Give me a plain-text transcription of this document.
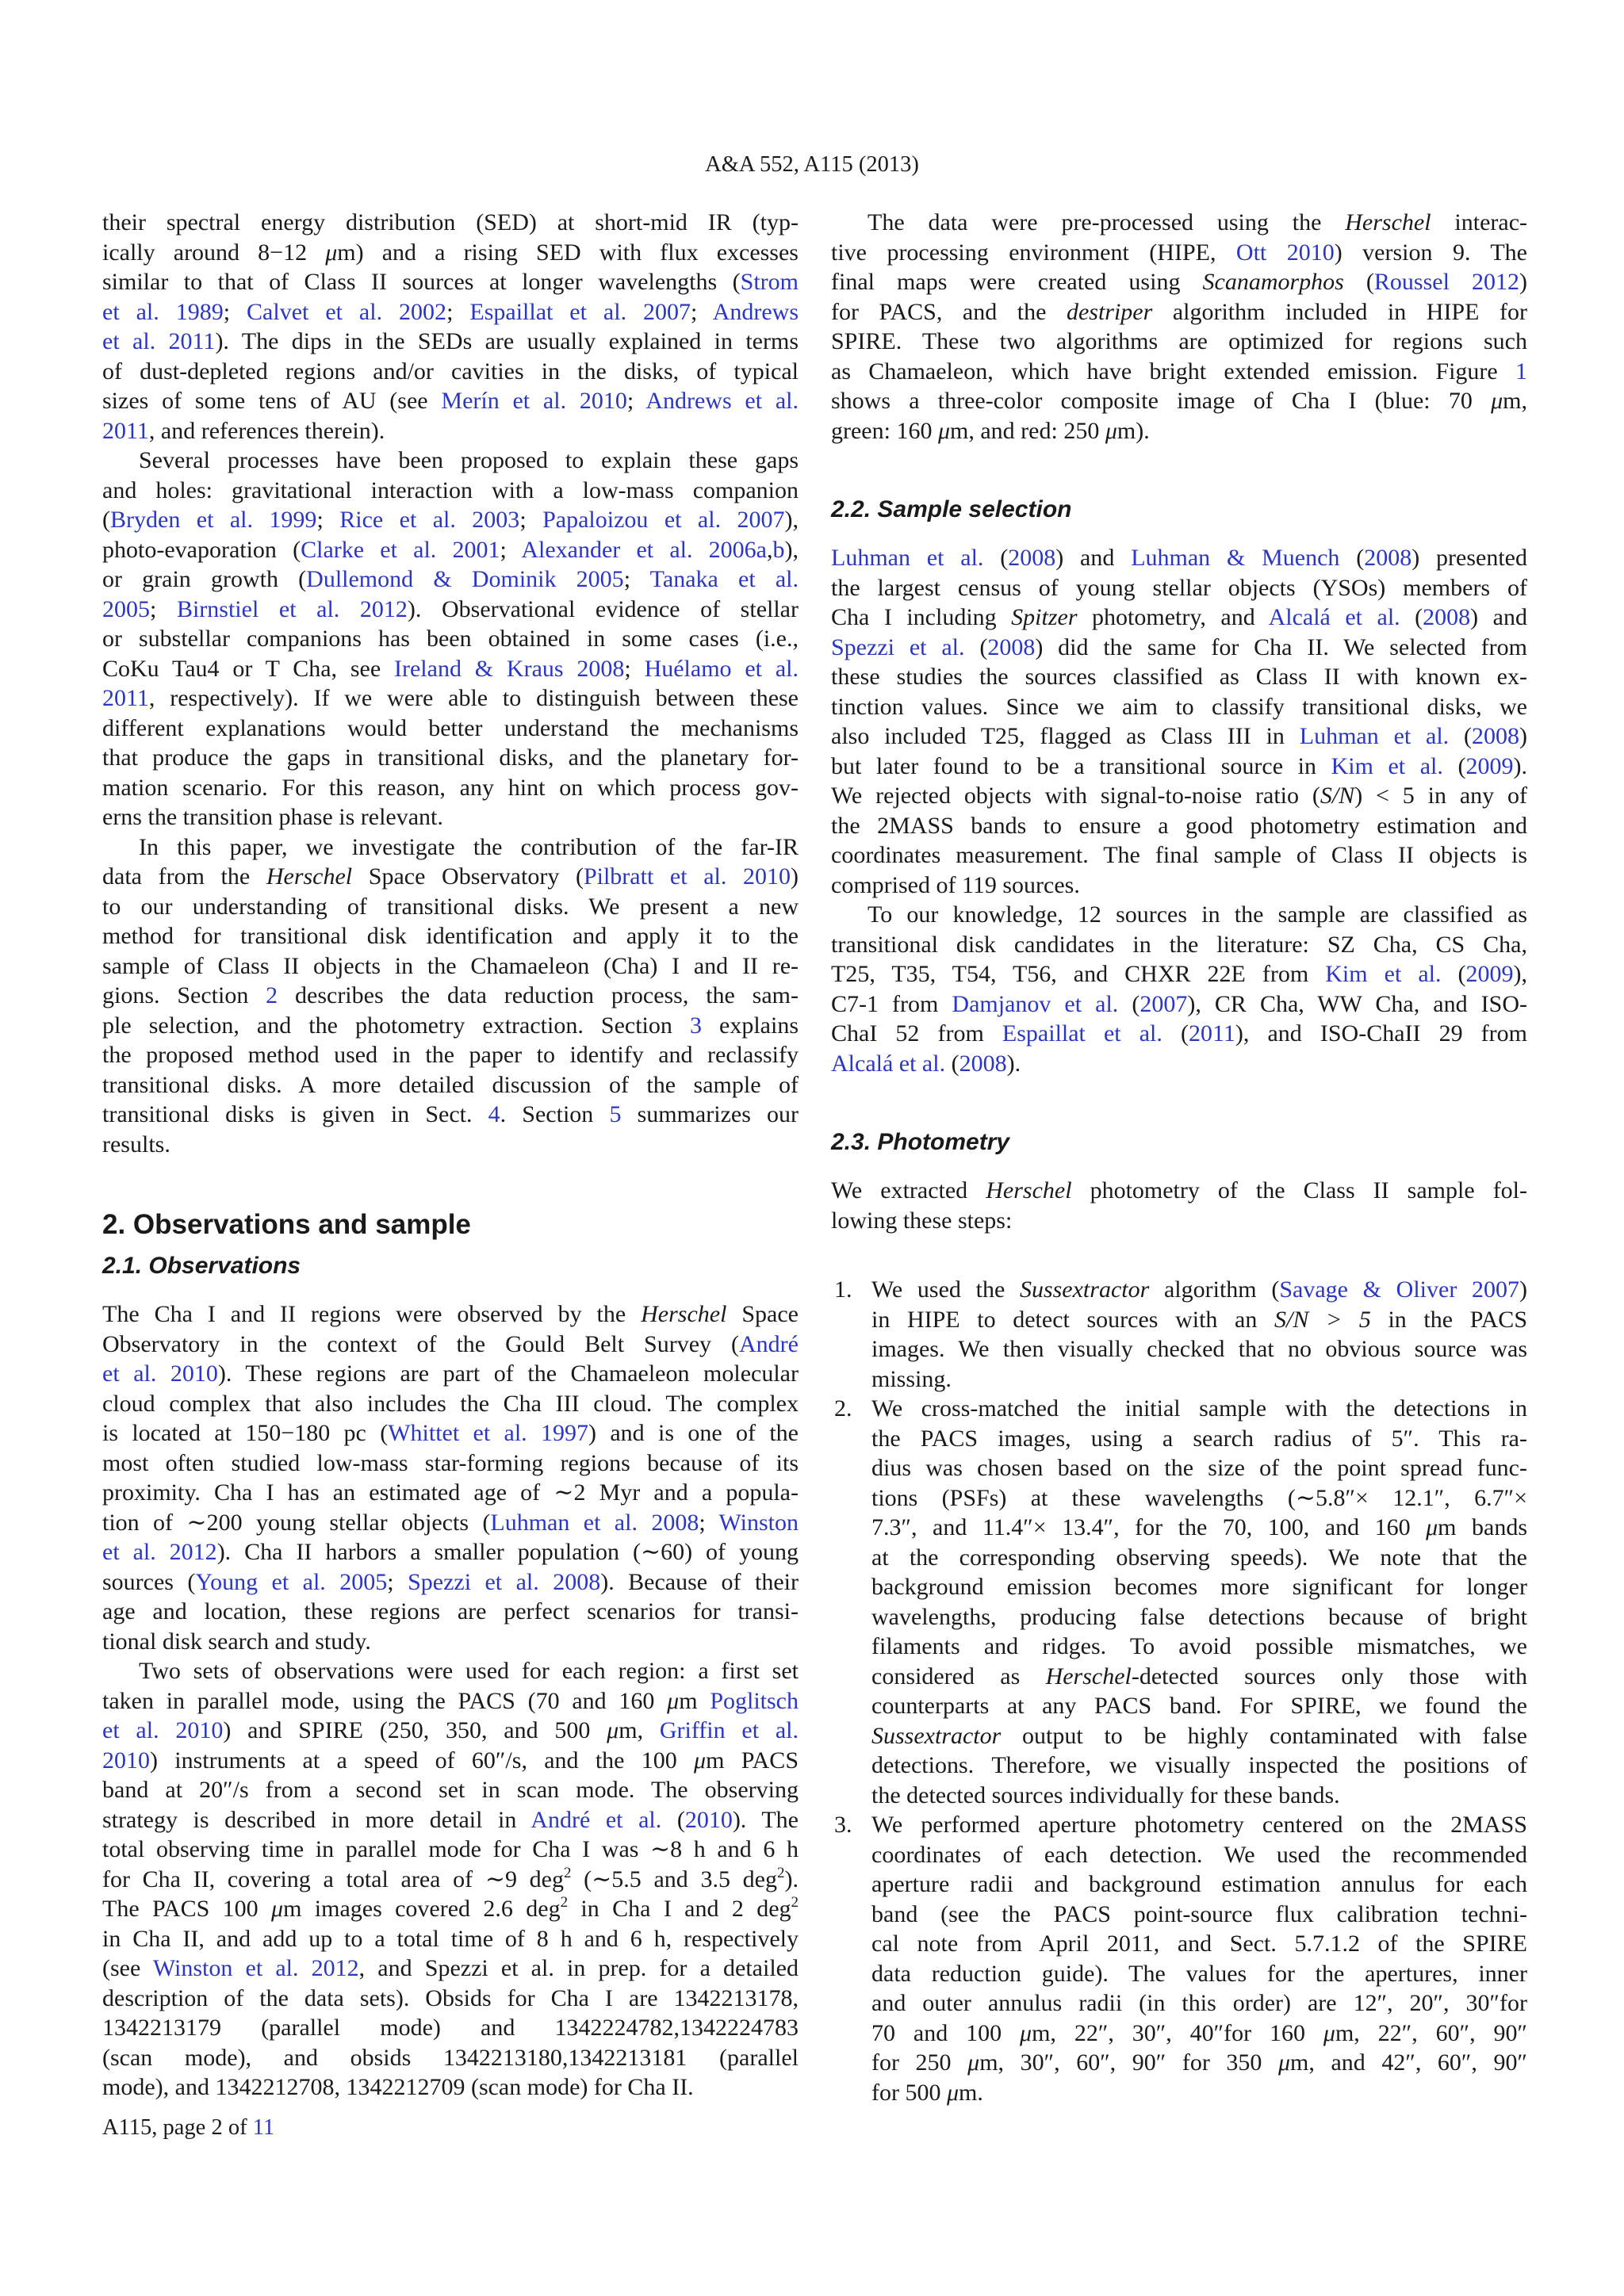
A&A 552, A115 (2013)
their spectral energy distribution (SED) at short-mid IR (typ-
ically around 8−12 μm) and a rising SED with flux excesses
similar to that of Class II sources at longer wavelengths (Strom
et al. 1989; Calvet et al. 2002; Espaillat et al. 2007; Andrews
et al. 2011). The dips in the SEDs are usually explained in terms
of dust-depleted regions and/or cavities in the disks, of typical
sizes of some tens of AU (see Merín et al. 2010; Andrews et al.
2011, and references therein).
Several processes have been proposed to explain these gaps
and holes: gravitational interaction with a low-mass companion
(Bryden et al. 1999; Rice et al. 2003; Papaloizou et al. 2007),
photo-evaporation (Clarke et al. 2001; Alexander et al. 2006a,b),
or grain growth (Dullemond & Dominik 2005; Tanaka et al.
2005; Birnstiel et al. 2012). Observational evidence of stellar
or substellar companions has been obtained in some cases (i.e.,
CoKu Tau4 or T Cha, see Ireland & Kraus 2008; Huélamo et al.
2011, respectively). If we were able to distinguish between these
different explanations would better understand the mechanisms
that produce the gaps in transitional disks, and the planetary for-
mation scenario. For this reason, any hint on which process gov-
erns the transition phase is relevant.
In this paper, we investigate the contribution of the far-IR
data from the Herschel Space Observatory (Pilbratt et al. 2010)
to our understanding of transitional disks. We present a new
method for transitional disk identification and apply it to the
sample of Class II objects in the Chamaeleon (Cha) I and II re-
gions. Section 2 describes the data reduction process, the sam-
ple selection, and the photometry extraction. Section 3 explains
the proposed method used in the paper to identify and reclassify
transitional disks. A more detailed discussion of the sample of
transitional disks is given in Sect. 4. Section 5 summarizes our
results.
2. Observations and sample
2.1. Observations
The Cha I and II regions were observed by the Herschel Space
Observatory in the context of the Gould Belt Survey (André
et al. 2010). These regions are part of the Chamaeleon molecular
cloud complex that also includes the Cha III cloud. The complex
is located at 150−180 pc (Whittet et al. 1997) and is one of the
most often studied low-mass star-forming regions because of its
proximity. Cha I has an estimated age of ∼2 Myr and a popula-
tion of ∼200 young stellar objects (Luhman et al. 2008; Winston
et al. 2012). Cha II harbors a smaller population (∼60) of young
sources (Young et al. 2005; Spezzi et al. 2008). Because of their
age and location, these regions are perfect scenarios for transi-
tional disk search and study.
Two sets of observations were used for each region: a first set
taken in parallel mode, using the PACS (70 and 160 μm Poglitsch
et al. 2010) and SPIRE (250, 350, and 500 μm, Griffin et al.
2010) instruments at a speed of 60″/s, and the 100 μm PACS
band at 20″/s from a second set in scan mode. The observing
strategy is described in more detail in André et al. (2010). The
total observing time in parallel mode for Cha I was ∼8 h and 6 h
for Cha II, covering a total area of ∼9 deg$^2$ (∼5.5 and 3.5 deg$^2$).
The PACS 100 μm images covered 2.6 deg$^2$ in Cha I and 2 deg$^2$
in Cha II, and add up to a total time of 8 h and 6 h, respectively
(see Winston et al. 2012, and Spezzi et al. in prep. for a detailed
description of the data sets). Obsids for Cha I are 1342213178,
1342213179 (parallel mode) and 1342224782,1342224783
(scan mode), and obsids 1342213180,1342213181 (parallel
mode), and 1342212708, 1342212709 (scan mode) for Cha II.
The data were pre-processed using the Herschel interac-
tive processing environment (HIPE, Ott 2010) version 9. The
final maps were created using Scanamorphos (Roussel 2012)
for PACS, and the destriper algorithm included in HIPE for
SPIRE. These two algorithms are optimized for regions such
as Chamaeleon, which have bright extended emission. Figure 1
shows a three-color composite image of Cha I (blue: 70 μm,
green: 160 μm, and red: 250 μm).
2.2. Sample selection
Luhman et al. (2008) and Luhman & Muench (2008) presented
the largest census of young stellar objects (YSOs) members of
Cha I including Spitzer photometry, and Alcalá et al. (2008) and
Spezzi et al. (2008) did the same for Cha II. We selected from
these studies the sources classified as Class II with known ex-
tinction values. Since we aim to classify transitional disks, we
also included T25, flagged as Class III in Luhman et al. (2008)
but later found to be a transitional source in Kim et al. (2009).
We rejected objects with signal-to-noise ratio (S/N) < 5 in any of
the 2MASS bands to ensure a good photometry estimation and
coordinates measurement. The final sample of Class II objects is
comprised of 119 sources.
To our knowledge, 12 sources in the sample are classified as
transitional disk candidates in the literature: SZ Cha, CS Cha,
T25, T35, T54, T56, and CHXR 22E from Kim et al. (2009),
C7-1 from Damjanov et al. (2007), CR Cha, WW Cha, and ISO-
ChaI 52 from Espaillat et al. (2011), and ISO-ChaII 29 from
Alcalá et al. (2008).
2.3. Photometry
We extracted Herschel photometry of the Class II sample fol-
lowing these steps:
1. We used the Sussextractor algorithm (Savage & Oliver 2007)
in HIPE to detect sources with an S/N > 5 in the PACS
images. We then visually checked that no obvious source was
missing.
2. We cross-matched the initial sample with the detections in
the PACS images, using a search radius of 5″. This ra-
dius was chosen based on the size of the point spread func-
tions (PSFs) at these wavelengths (∼5.8″× 12.1″, 6.7″×
7.3″, and 11.4″× 13.4″, for the 70, 100, and 160 μm bands
at the corresponding observing speeds). We note that the
background emission becomes more significant for longer
wavelengths, producing false detections because of bright
filaments and ridges. To avoid possible mismatches, we
considered as Herschel-detected sources only those with
counterparts at any PACS band. For SPIRE, we found the
Sussextractor output to be highly contaminated with false
detections. Therefore, we visually inspected the positions of
the detected sources individually for these bands.
3. We performed aperture photometry centered on the 2MASS
coordinates of each detection. We used the recommended
aperture radii and background estimation annulus for each
band (see the PACS point-source flux calibration techni-
cal note from April 2011, and Sect. 5.7.1.2 of the SPIRE
data reduction guide). The values for the apertures, inner
and outer annulus radii (in this order) are 12″, 20″, 30″for
70 and 100 μm, 22″, 30″, 40″for 160 μm, 22″, 60″, 90″
for 250 μm, 30″, 60″, 90″ for 350 μm, and 42″, 60″, 90″
for 500 μm.
A115, page 2 of 11
